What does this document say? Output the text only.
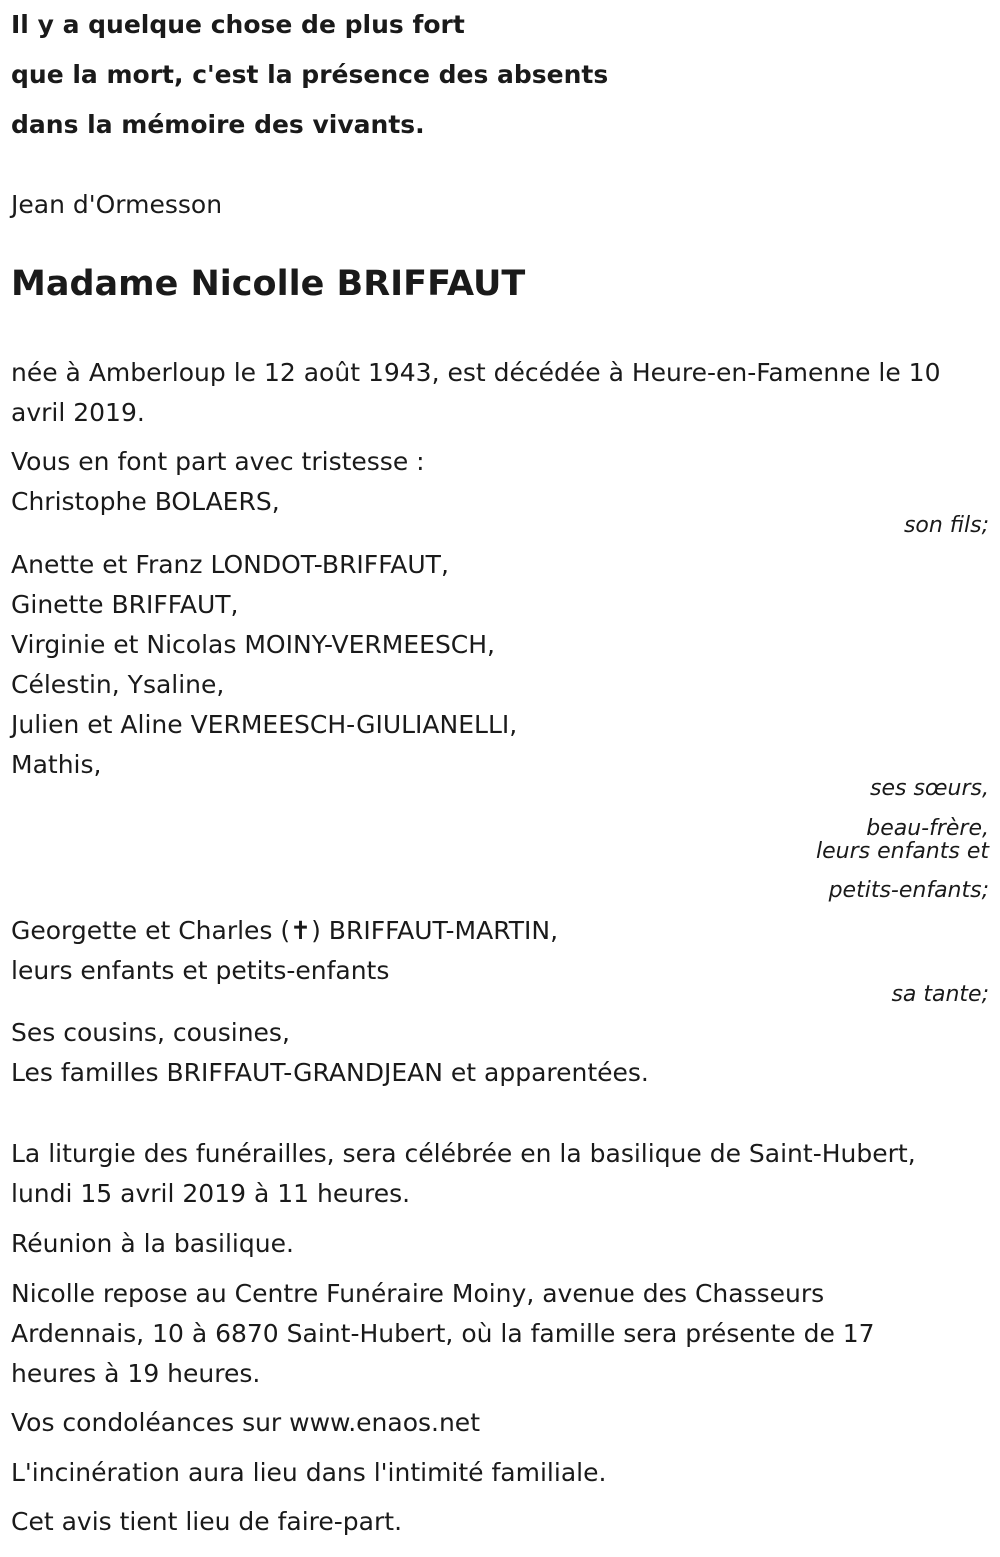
Il y a quelque chose de plus fort
que la mort, c'est la présence des absents
dans la mémoire des vivants.
Jean d'Ormesson
Madame Nicolle BRIFFAUT
née à Amberloup le 12 août 1943, est décédée à Heure-en-Famenne le 10
avril 2019.
Vous en font part avec tristesse :
Christophe BOLAERS,
son fils;
Anette et Franz LONDOT-BRIFFAUT,
Ginette BRIFFAUT,
Virginie et Nicolas MOINY-VERMEESCH,
Célestin, Ysaline,
Julien et Aline VERMEESCH-GIULIANELLI,
Mathis,
ses sœurs,
beau-frère,
leurs enfants et
petits-enfants;
Georgette et Charles (✝) BRIFFAUT-MARTIN,
leurs enfants et petits-enfants
sa tante;
Ses cousins, cousines,
Les familles BRIFFAUT-GRANDJEAN et apparentées.
La liturgie des funérailles, sera célébrée en la basilique de Saint-Hubert,
lundi 15 avril 2019 à 11 heures.
Réunion à la basilique.
Nicolle repose au Centre Funéraire Moiny, avenue des Chasseurs
Ardennais, 10 à 6870 Saint-Hubert, où la famille sera présente de 17
heures à 19 heures.
Vos condoléances sur www.enaos.net
L'incinération aura lieu dans l'intimité familiale.
Cet avis tient lieu de faire-part.
